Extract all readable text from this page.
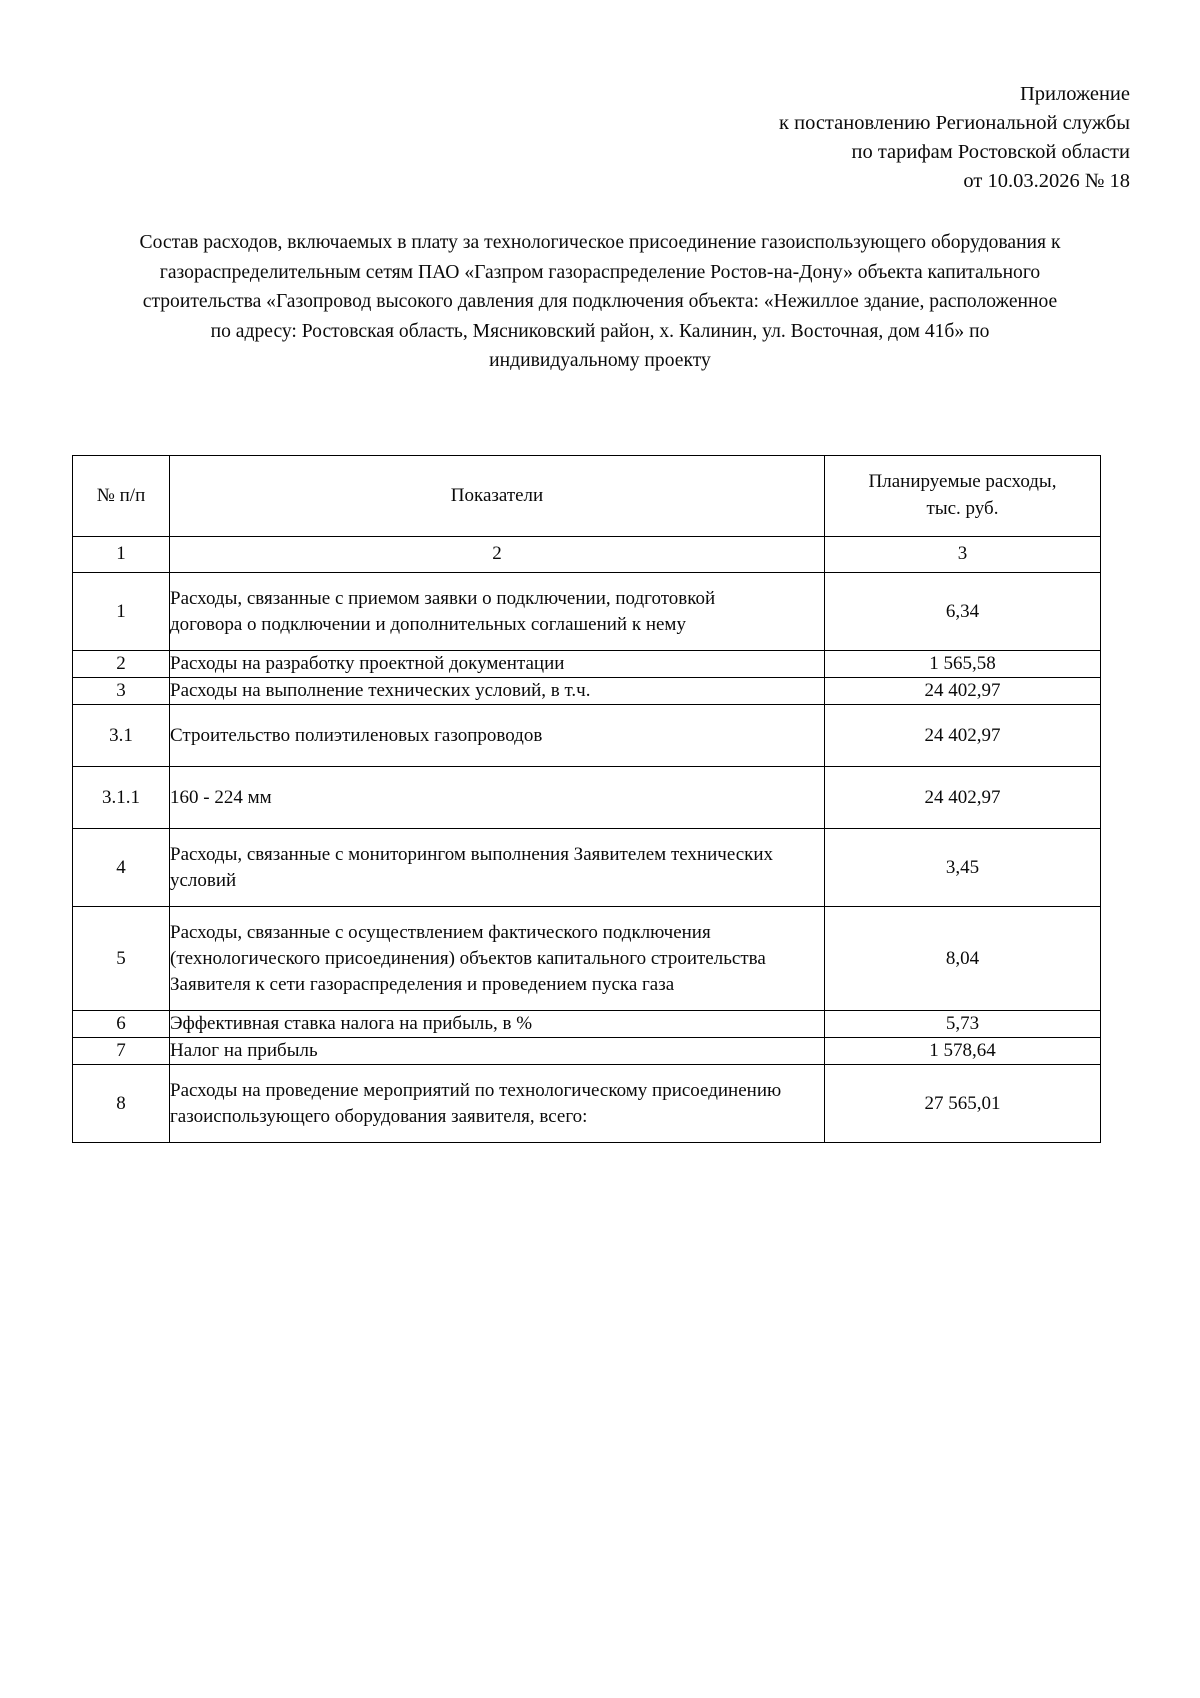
Приложение
к постановлению Региональной службы
по тарифам Ростовской области
от 10.03.2026 № 18
Состав расходов, включаемых в плату за технологическое присоединение газоиспользующего оборудования к
газораспределительным сетям ПАО «Газпром газораспределение Ростов-на-Дону» объекта капитального
строительства «Газопровод высокого давления для подключения объекта: «Нежиллое здание, расположенное
по адресу: Ростовская область, Мясниковский район, х. Калинин, ул. Восточная, дом 41б» по
индивидуальному проекту
№ п/п	Показатели	Планируемые расходы,
тыс. руб.
1	2	3
1	Расходы, связанные с приемом заявки о подключении, подготовкой
договора о подключении и дополнительных соглашений к нему	6,34
2	Расходы на разработку проектной документации	1 565,58
3	Расходы на выполнение технических условий, в т.ч.	24 402,97
3.1	Строительство полиэтиленовых газопроводов	24 402,97
3.1.1	160 - 224 мм	24 402,97
4	Расходы, связанные с мониторингом выполнения Заявителем технических
условий	3,45
5	Расходы, связанные с осуществлением фактического подключения
(технологического присоединения) объектов капитального строительства
Заявителя к сети газораспределения и проведением пуска газа	8,04
6	Эффективная ставка налога на прибыль, в %	5,73
7	Налог на прибыль	1 578,64
8	Расходы на проведение мероприятий по технологическому присоединению
газоиспользующего оборудования заявителя, всего:	27 565,01
